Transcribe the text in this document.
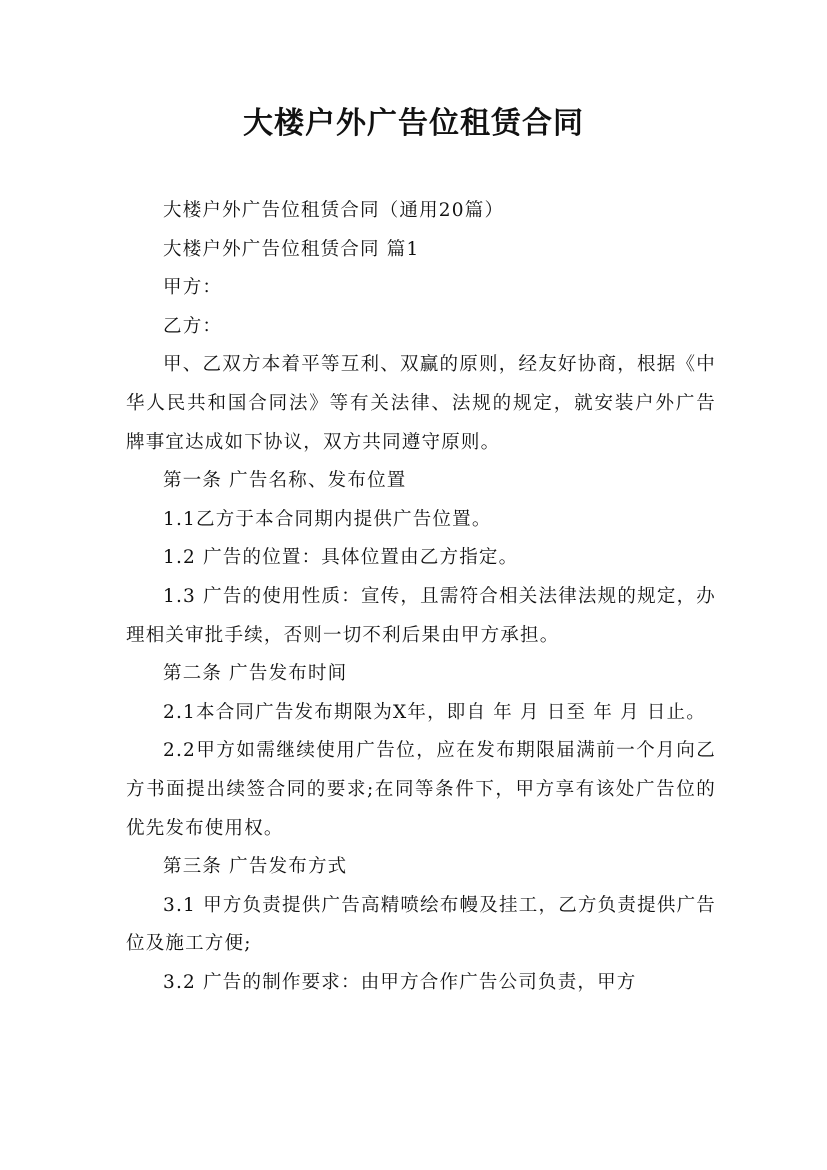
大楼户外广告位租赁合同

大楼户外广告位租赁合同（通用20篇）

大楼户外广告位租赁合同 篇1

甲方：

乙方：

甲、乙双方本着平等互利、双赢的原则，经友好协商，根据《中华人民共和国合同法》等有关法律、法规的规定，就安装户外广告牌事宜达成如下协议，双方共同遵守原则。

第一条 广告名称、发布位置

1.1乙方于本合同期内提供广告位置。

1.2 广告的位置：具体位置由乙方指定。

1.3 广告的使用性质：宣传，且需符合相关法律法规的规定，办理相关审批手续，否则一切不利后果由甲方承担。

第二条 广告发布时间

2.1本合同广告发布期限为X年，即自 年 月 日至 年 月 日止。

2.2甲方如需继续使用广告位，应在发布期限届满前一个月向乙方书面提出续签合同的要求;在同等条件下，甲方享有该处广告位的优先发布使用权。

第三条 广告发布方式

3.1 甲方负责提供广告高精喷绘布幔及挂工，乙方负责提供广告位及施工方便;

3.2 广告的制作要求：由甲方合作广告公司负责，甲方
